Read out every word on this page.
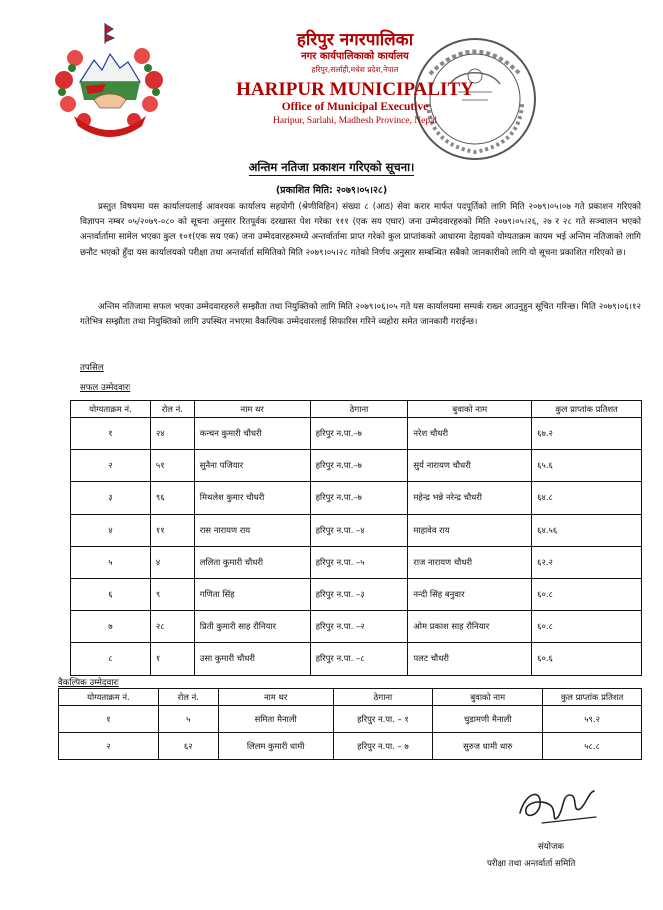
हरिपुर नगरपालिका
नगर कार्यपालिकाको कार्यालय
हरिपुर,सर्लाही,मधेश प्रदेश,नेपाल
HARIPUR MUNICIPALITY
Office of Municipal Executive
Haripur, Sarlahi, Madhesh Province, Nepal
अन्तिम नतिजा प्रकाशन गरिएको सूचना।
(प्रकाशित मिति: २०७९।०५।२८)
प्रस्तुत विषयमा यस कार्यालयलाई आवश्यक कार्यालय सहयोगी (श्रेणीविहिन) संख्या ८ (आठ) सेवा करार मार्फत पदपूर्तिको लागि मिति २०७९।०५।०७ गते प्रकाशन गरिएको विज्ञापन नम्बर ०५/२०७९-०८० को सूचना अनुसार रितपूर्वक दरखास्त पेश गरेका १११ (एक सय एघार) जना उम्मेदवारहरुको मिति २०७९।०५।२६, २७ र २८ गते सञ्चालन भएको अन्तर्वार्तामा सामेल भएका कुल १०१(एक सय एक) जना उम्मेदवारहरुमध्ये अन्तर्वार्तामा प्राप्त गरेको कुल प्राप्तांकको आधारमा देहायको योग्यताक्रम कायम भई अन्तिम नतिजाको लागि छनौट भएको हुँदा यस कार्यालयको परीक्षा तथा अन्तर्वार्ता समितिको मिति २०७९।०५।२८ गतेको निर्णय अनुसार सम्बन्धित सबैको जानकारीको लागि यो सूचना प्रकाशित गरिएको छ।
अन्तिम नतिजामा सफल भएका उम्मेदवारहरुले सम्झौता तथा नियुक्तिको लागि मिति २०७९।०६।०५ गते यस कार्यालयमा सम्पर्क राख्न आउनुहुन सूचित गरिन्छ। मिति २०७९।०६।१२ गतेभित्र सम्झौता तथा नियुक्तिको लागि उपस्थित नभएमा वैकल्पिक उम्मेदवारलाई सिफारिस गरिने व्यहोरा समेत जानकारी गराईन्छ।
तपसिल
सफल उम्मेदवारः
योग्यताक्रम नं.	रोल नं.	नाम थर	ठेगाना	बुवाको नाम	कुल प्राप्तांक प्रतिशत
१	२४	कन्चन कुमारी चौधरी	हरिपुर न.पा.–७	नरेश चौधरी	६७.२
२	५१	सुनैना पजियार	हरिपुर न.पा.–७	सुर्य नारायण चौधरी	६५.६
३	९६	मिथलेश कुमार चौधरी	हरिपुर न.पा.–७	महेन्द्र भन्ने नरेन्द्र चौधरी	६४.८
४	११	रास नारायण राय	हरिपुर न.पा. –४	माहावेव राय	६४.५६
५	४	ललिता कुमारी चौधरी	हरिपुर न.पा. –५	राज नारायण चौधरी	६२.२
६	९	गणिता सिंह	हरिपुर न.पा. –३	नन्दी सिंह बनुवार	६०.८
७	२८	प्रिती कुमारी साह रौनियार	हरिपुर न.पा. –२	ओम प्रकाश साह रौनियार	६०.८
८	१	उसा कुमारी चौधरी	हरिपुर न.पा. –८	पलट चौधरी	६०.६
वैकल्पिक उम्मेदवारः
योग्यताक्रम नं.	रोल नं.	नाम थर	ठेगाना	बुवाको नाम	कुल प्राप्तांक प्रतिशत
१	५	समिता मैनाली	हरिपुर न.पा. – १	चुडामणी मैनाली	५९.२
२	६२	लिलम कुमारी धामी	हरिपुर न.पा. – ७	सुरुज धामी थारु	५८.८
संयोजक
परीक्षा तथा अन्तर्वार्ता समिति
